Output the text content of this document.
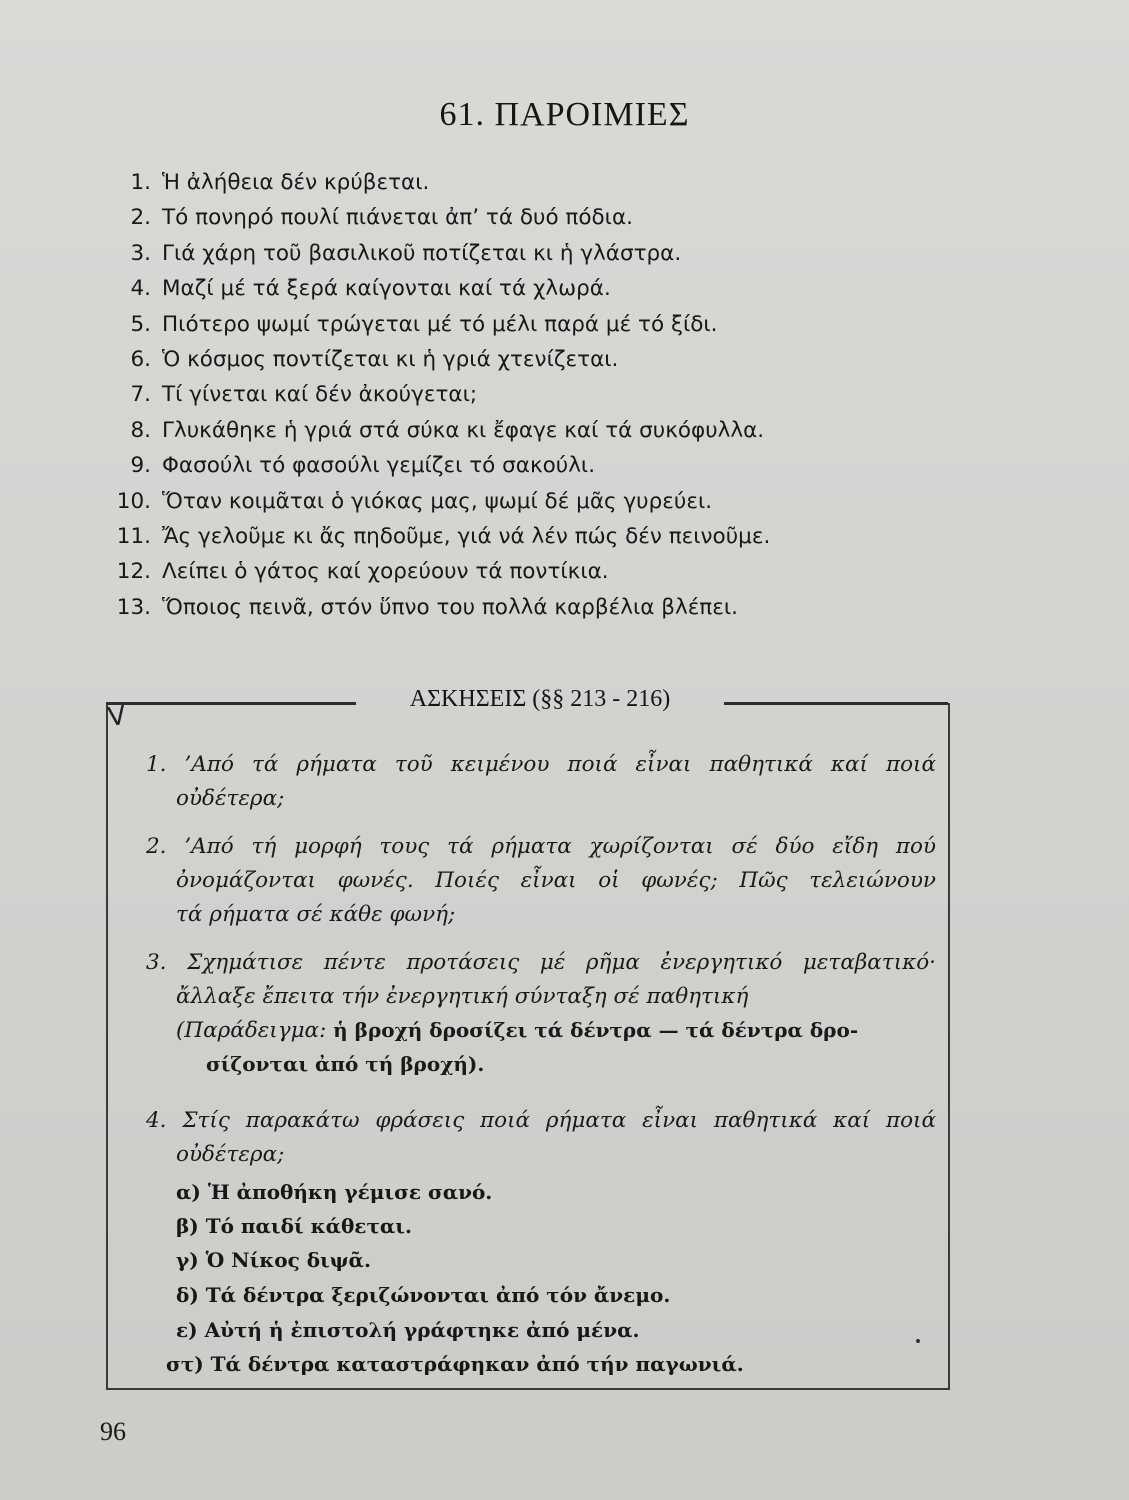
61. ΠΑΡΟΙΜΙΕΣ
1. Ἡ ἀλήθεια δέν κρύβεται.
2. Τό πονηρό πουλί πιάνεται ἀπ’ τά δυό πόδια.
3. Γιά χάρη τοῦ βασιλικοῦ ποτίζεται κι ἡ γλάστρα.
4. Μαζί μέ τά ξερά καίγονται καί τά χλωρά.
5. Πιότερο ψωμί τρώγεται μέ τό μέλι παρά μέ τό ξίδι.
6. Ὁ κόσμος ποντίζεται κι ἡ γριά χτενίζεται.
7. Τί γίνεται καί δέν ἀκούγεται;
8. Γλυκάθηκε ἡ γριά στά σύκα κι ἔφαγε καί τά συκόφυλλα.
9. Φασούλι τό φασούλι γεμίζει τό σακούλι.
10. Ὅταν κοιμᾶται ὁ γιόκας μας, ψωμί δέ μᾶς γυρεύει.
11. Ἄς γελοῦμε κι ἄς πηδοῦμε, γιά νά λέν πώς δέν πεινοῦμε.
12. Λείπει ὁ γάτος καί χορεύουν τά ποντίκια.
13. Ὅποιος πεινᾶ, στόν ὕπνο του πολλά καρβέλια βλέπει.
ΑΣΚΗΣΕΙΣ (§§ 213 - 216)
V
1. ’Από τά ρήματα τοῦ κειμένου ποιά εἶναι παθητικά καί ποιά
οὐδέτερα;
2. ’Από τή μορφή τους τά ρήματα χωρίζονται σέ δύο εἴδη πού
ὀνομάζονται φωνές. Ποιές εἶναι οἱ φωνές; Πῶς τελειώνουν
τά ρήματα σέ κάθε φωνή;
3. Σχημάτισε πέντε προτάσεις μέ ρῆμα ἐνεργητικό μεταβατικό·
ἄλλαξε ἔπειτα τήν ἐνεργητική σύνταξη σέ παθητική
(Παράδειγμα: ἡ βροχή δροσίζει τά δέντρα — τά δέντρα δρο-
σίζονται ἀπό τή βροχή).
4. Στίς παρακάτω φράσεις ποιά ρήματα εἶναι παθητικά καί ποιά
οὐδέτερα;
α) Ἡ ἀποθήκη γέμισε σανό.
β) Τό παιδί κάθεται.
γ) Ὁ Νίκος διψᾶ.
δ) Τά δέντρα ξεριζώνονται ἀπό τόν ἄνεμο.
ε) Αὐτή ἡ ἐπιστολή γράφτηκε ἀπό μένα.
στ) Τά δέντρα καταστράφηκαν ἀπό τήν παγωνιά.
96
